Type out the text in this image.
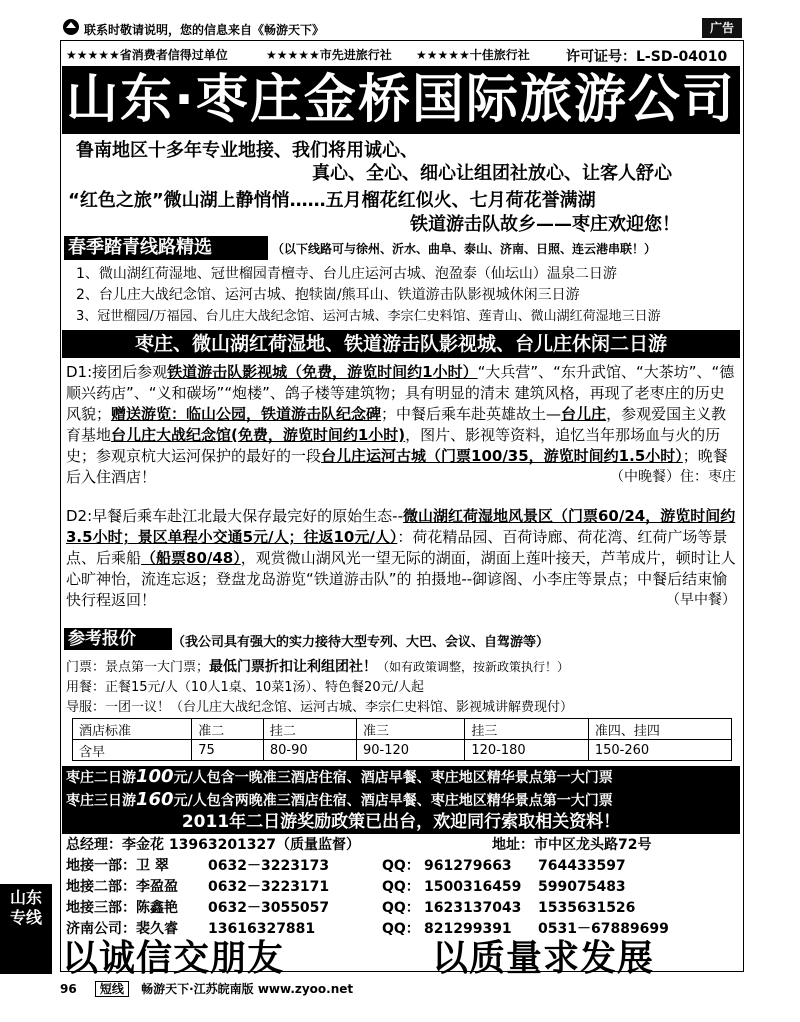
联系时敬请说明，您的信息来自《畅游天下》	广告
★★★★★省消费者信得过单位	★★★★★市先进旅行社 ★★★★★十佳旅行社	许可证号：L-SD-04010
山东·枣庄金桥国际旅游公司
鲁南地区十多年专业地接、我们将用诚心、
真心、全心、细心让组团社放心、让客人舒心
“红色之旅”微山湖上静悄悄……五月榴花红似火、七月荷花誉满湖
铁道游击队故乡——枣庄欢迎您！
春季踏青线路精选	（以下线路可与徐州、沂水、曲阜、泰山、济南、日照、连云港串联！）
1、微山湖红荷湿地、冠世榴园青檀寺、台儿庄运河古城、泡盈泰（仙坛山）温泉二日游
2、台儿庄大战纪念馆、运河古城、抱犊崮/熊耳山、铁道游击队影视城休闲三日游
3、冠世榴园/万福园、台儿庄大战纪念馆、运河古城、李宗仁史料馆、莲青山、微山湖红荷湿地三日游
枣庄、微山湖红荷湿地、铁道游击队影视城、台儿庄休闲二日游
D1:接团后参观铁道游击队影视城（免费，游览时间约1小时）“大兵营”、“东升武馆、“大茶坊”、“德顺兴药店”、“义和碳场”“炮楼”、鸽子楼等建筑物；具有明显的清末 建筑风格，再现了老枣庄的历史风貌；赠送游览：临山公园，铁道游击队纪念碑；中餐后乘车赴英雄故土—台儿庄，参观爱国主义教育基地台儿庄大战纪念馆(免费，游览时间约1小时)，图片、影视等资料，追忆当年那场血与火的历史；参观京杭大运河保护的最好的一段台儿庄运河古城（门票100/35，游览时间约1.5小时）；晚餐后入住酒店！	（中晚餐）住：枣庄
D2:早餐后乘车赴江北最大保存最完好的原始生态--微山湖红荷湿地风景区（门票60/24，游览时间约3.5小时；景区单程小交通5元/人；往返10元/人）：荷花精品园、百荷诗廊、荷花湾、红荷广场等景点、后乘船（船票80/48），观赏微山湖风光一望无际的湖面，湖面上莲叶接天，芦苇成片，顿时让人心旷神怡，流连忘返；登盘龙岛游览“铁道游击队”的 拍摄地--御谚阁、小李庄等景点；中餐后结束愉快行程返回！	（早中餐）
参考报价	（我公司具有强大的实力接待大型专列、大巴、会议、自驾游等）
门票：景点第一大门票；最低门票折扣让利组团社！（如有政策调整，按新政策执行！）
用餐：正餐15元/人（10人1桌、10菜1汤）、特色餐20元/人起
导服：一团一议！（台儿庄大战纪念馆、运河古城、李宗仁史料馆、影视城讲解费现付）
酒店标准	准二	挂二	准三	挂三	准四、挂四
含早	75	80-90	90-120	120-180	150-260
枣庄二日游100元/人包含一晚准三酒店住宿、酒店早餐、枣庄地区精华景点第一大门票
枣庄三日游160元/人包含两晚准三酒店住宿、酒店早餐、枣庄地区精华景点第一大门票
2011年二日游奖励政策已出台，欢迎同行索取相关资料！
总经理：李金花 13963201327（质量监督）	地址：市中区龙头路72号
地接一部：卫 翠	0632－3223173	QQ： 961279663 764433597
地接二部：李盈盈 0632－3223171	QQ： 1500316459 599075483
地接三部：陈鑫艳 0632－3055057	QQ： 1623137043 1535631526
济南公司：裴久睿 13616327881	QQ： 821299391 0531－67889699
以诚信交朋友	以质量求发展
山东专线
96 短线 畅游天下·江苏皖南版 www.zyoo.net
